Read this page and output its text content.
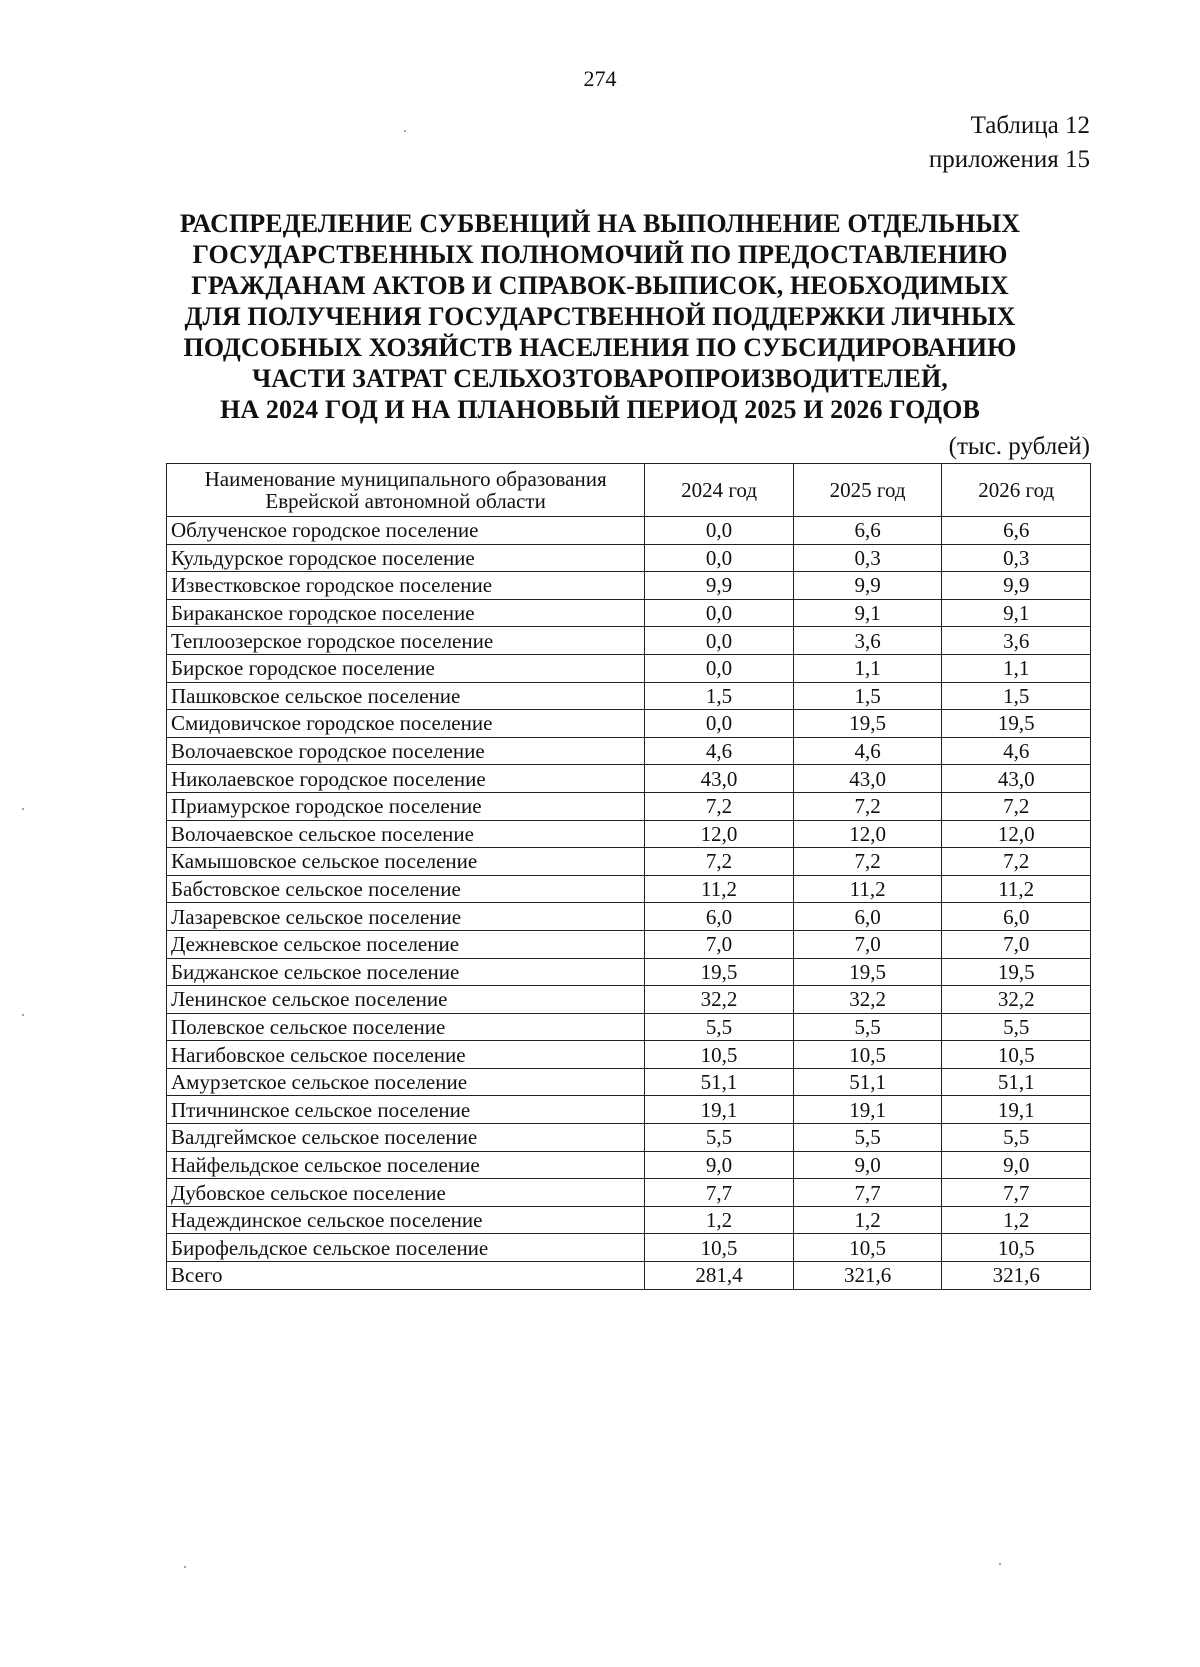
274
Таблица 12
приложения 15
РАСПРЕДЕЛЕНИЕ СУБВЕНЦИЙ НА ВЫПОЛНЕНИЕ ОТДЕЛЬНЫХ
ГОСУДАРСТВЕННЫХ ПОЛНОМОЧИЙ ПО ПРЕДОСТАВЛЕНИЮ
ГРАЖДАНАМ АКТОВ И СПРАВОК-ВЫПИСОК, НЕОБХОДИМЫХ
ДЛЯ ПОЛУЧЕНИЯ ГОСУДАРСТВЕННОЙ ПОДДЕРЖКИ ЛИЧНЫХ
ПОДСОБНЫХ ХОЗЯЙСТВ НАСЕЛЕНИЯ ПО СУБСИДИРОВАНИЮ
ЧАСТИ ЗАТРАТ СЕЛЬХОЗТОВАРОПРОИЗВОДИТЕЛЕЙ,
НА 2024 ГОД И НА ПЛАНОВЫЙ ПЕРИОД 2025 И 2026 ГОДОВ
(тыс. рублей)
Наименование муниципального образования
Еврейской автономной области	2024 год	2025 год	2026 год
Облученское городское поселение	0,0	6,6	6,6
Кульдурское городское поселение	0,0	0,3	0,3
Известковское городское поселение	9,9	9,9	9,9
Бираканское городское поселение	0,0	9,1	9,1
Теплоозерское городское поселение	0,0	3,6	3,6
Бирское городское поселение	0,0	1,1	1,1
Пашковское сельское поселение	1,5	1,5	1,5
Смидовичское городское поселение	0,0	19,5	19,5
Волочаевское городское поселение	4,6	4,6	4,6
Николаевское городское поселение	43,0	43,0	43,0
Приамурское городское поселение	7,2	7,2	7,2
Волочаевское сельское поселение	12,0	12,0	12,0
Камышовское сельское поселение	7,2	7,2	7,2
Бабстовское сельское поселение	11,2	11,2	11,2
Лазаревское сельское поселение	6,0	6,0	6,0
Дежневское сельское поселение	7,0	7,0	7,0
Биджанское сельское поселение	19,5	19,5	19,5
Ленинское сельское поселение	32,2	32,2	32,2
Полевское сельское поселение	5,5	5,5	5,5
Нагибовское сельское поселение	10,5	10,5	10,5
Амурзетское сельское поселение	51,1	51,1	51,1
Птичнинское сельское поселение	19,1	19,1	19,1
Валдгеймское сельское поселение	5,5	5,5	5,5
Найфельдское сельское поселение	9,0	9,0	9,0
Дубовское сельское поселение	7,7	7,7	7,7
Надеждинское сельское поселение	1,2	1,2	1,2
Бирофельдское сельское поселение	10,5	10,5	10,5
Всего	281,4	321,6	321,6
